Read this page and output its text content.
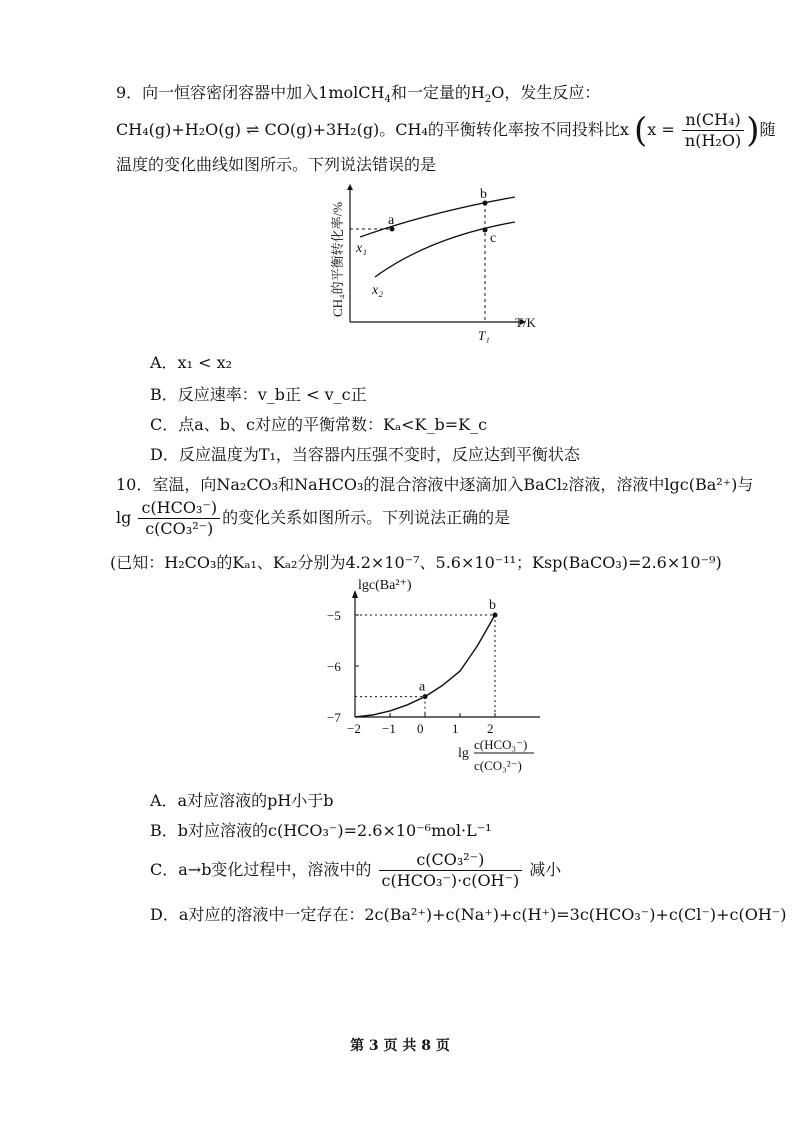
9．向一恒容密闭容器中加入1molCH$_4$和一定量的$H_2O$，发生反应：
CH₄(g)+H₂O(g) ⇌ CO(g)+3H₂(g)。CH₄的平衡转化率按不同投料比x ($x = \frac{\text{n(CH₄)}}{\text{n(H₂O)}}$ )随
温度的变化曲线如图所示。下列说法错误的是
CH₄的平衡转化率/%
T/K
T₁
a
b
c
x₁
x₂
A．x₁ < x₂
B．反应速率：v_b正 < v_c正
C．点a、b、c对应的平衡常数：Kₐ<K_b=K_c
D．反应温度为T₁，当容器内压强不变时，反应达到平衡状态
10．室温，向Na₂CO₃和NaHCO₃的混合溶液中逐滴加入BaCl₂溶液，溶液中lgc(Ba²⁺)与
$\lg \frac{\text{c(HCO₃⁻)}}{\text{c(CO₃²⁻)}}$ 的变化关系如图所示。下列说法正确的是
(已知：H₂CO₃的Kₐ₁、Kₐ₂分别为4.2×10⁻⁷、5.6×10⁻¹¹；Ksp(BaCO₃)=2.6×10⁻⁹)
lgc(Ba²⁺)
−2 −1 0 1 2
−5
−6
−7
a
b
lg
c(HCO₃⁻)
c(CO₃²⁻)
A．a对应溶液的pH小于b
B．b对应溶液的c(HCO₃⁻)=2.6×10⁻⁶mol·L⁻¹
C．a→b变化过程中，溶液中的 $\frac{\text{c(CO₃²⁻)}}{\text{c(HCO₃⁻)·c(OH⁻)}}$ 减小
D．a对应的溶液中一定存在：2c(Ba²⁺)+c(Na⁺)+c(H⁺)=3c(HCO₃⁻)+c(Cl⁻)+c(OH⁻)
第 3 页 共 8 页
